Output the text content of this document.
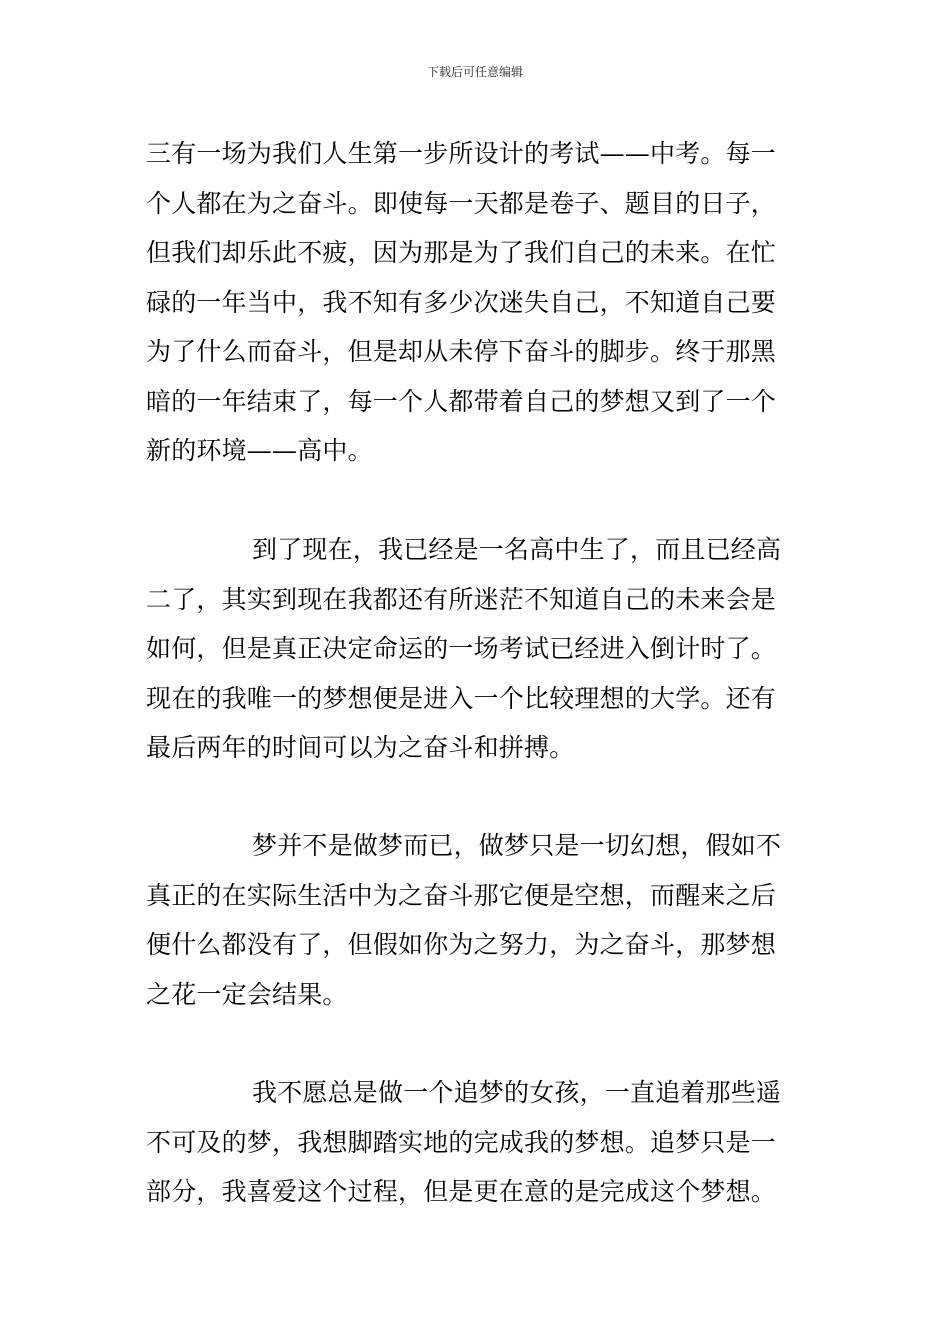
下载后可任意编辑
三有一场为我们人生第一步所设计的考试——中考。每一
个人都在为之奋斗。即使每一天都是卷子、题目的日子，
但我们却乐此不疲，因为那是为了我们自己的未来。在忙
碌的一年当中，我不知有多少次迷失自己，不知道自己要
为了什么而奋斗，但是却从未停下奋斗的脚步。终于那黑
暗的一年结束了，每一个人都带着自己的梦想又到了一个
新的环境——高中。
到了现在，我已经是一名高中生了，而且已经高
二了，其实到现在我都还有所迷茫不知道自己的未来会是
如何，但是真正决定命运的一场考试已经进入倒计时了。
现在的我唯一的梦想便是进入一个比较理想的大学。还有
最后两年的时间可以为之奋斗和拼搏。
梦并不是做梦而已，做梦只是一切幻想，假如不
真正的在实际生活中为之奋斗那它便是空想，而醒来之后
便什么都没有了，但假如你为之努力，为之奋斗，那梦想
之花一定会结果。
我不愿总是做一个追梦的女孩，一直追着那些遥
不可及的梦，我想脚踏实地的完成我的梦想。追梦只是一
部分，我喜爱这个过程，但是更在意的是完成这个梦想。
